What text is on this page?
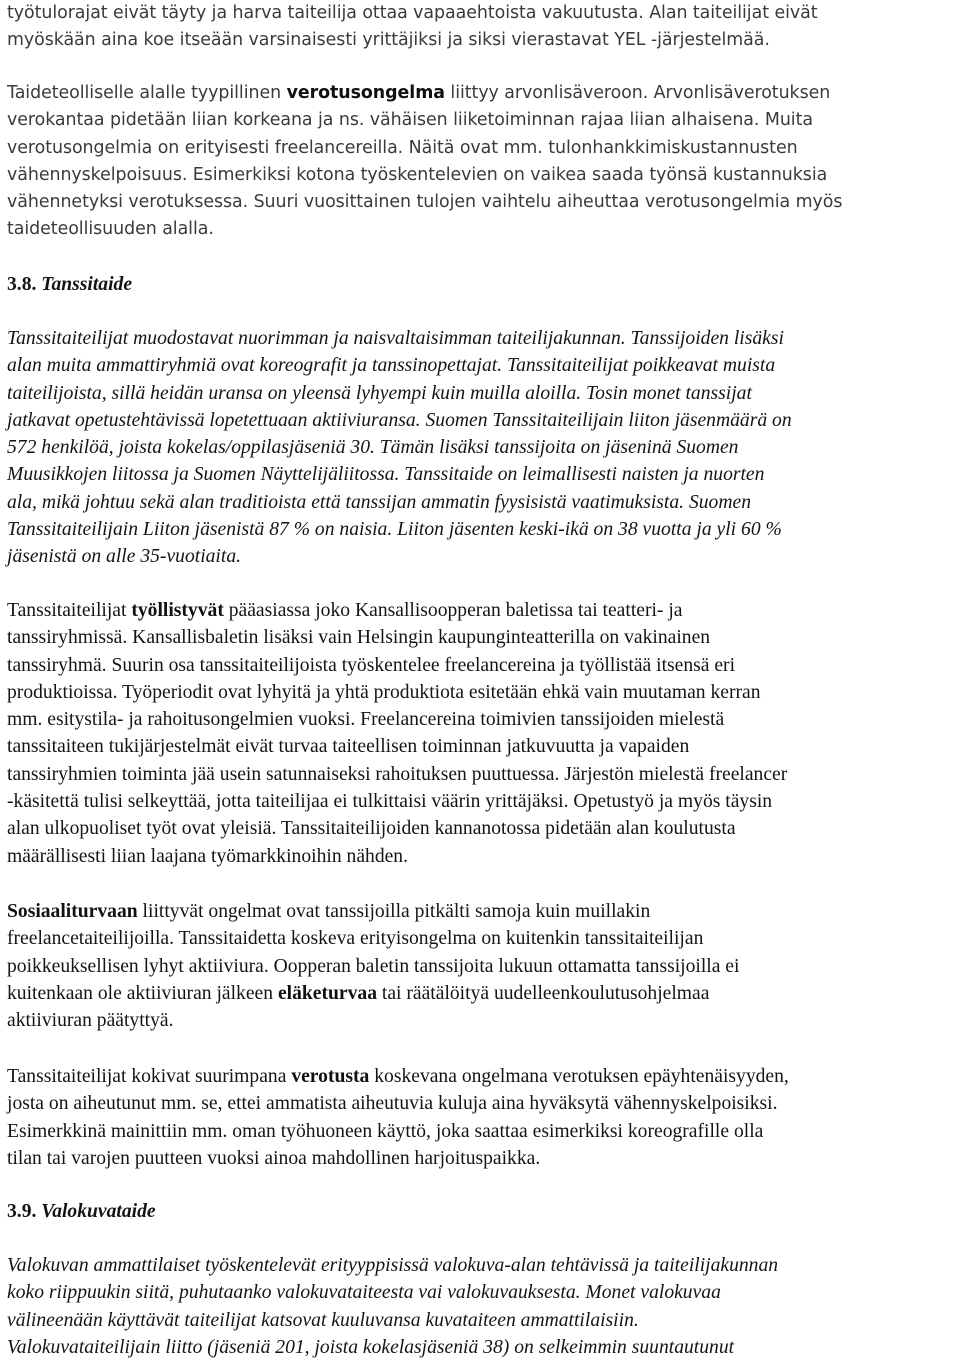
työtulorajat eivät täyty ja harva taiteilija ottaa vapaaehtoista vakuutusta. Alan taiteilijat eivät
myöskään aina koe itseään varsinaisesti yrittäjiksi ja siksi vierastavat YEL -järjestelmää.
Taideteolliselle alalle tyypillinen verotusongelma liittyy arvonlisäveroon. Arvonlisäverotuksen
verokantaa pidetään liian korkeana ja ns. vähäisen liiketoiminnan rajaa liian alhaisena. Muita
verotusongelmia on erityisesti freelancereilla. Näitä ovat mm. tulonhankkimiskustannusten
vähennyskelpoisuus. Esimerkiksi kotona työskentelevien on vaikea saada työnsä kustannuksia
vähennetyksi verotuksessa. Suuri vuosittainen tulojen vaihtelu aiheuttaa verotusongelmia myös
taideteollisuuden alalla.
3.8. Tanssitaide
Tanssitaiteilijat muodostavat nuorimman ja naisvaltaisimman taiteilijakunnan. Tanssijoiden lisäksi
alan muita ammattiryhmiä ovat koreografit ja tanssinopettajat. Tanssitaiteilijat poikkeavat muista
taiteilijoista, sillä heidän uransa on yleensä lyhyempi kuin muilla aloilla. Tosin monet tanssijat
jatkavat opetustehtävissä lopetettuaan aktiiviuransa. Suomen Tanssitaiteilijain liiton jäsenmäärä on
572 henkilöä, joista kokelas/oppilasjäseniä 30. Tämän lisäksi tanssijoita on jäseninä Suomen
Muusikkojen liitossa ja Suomen Näyttelijäliitossa. Tanssitaide on leimallisesti naisten ja nuorten
ala, mikä johtuu sekä alan traditioista että tanssijan ammatin fyysisistä vaatimuksista. Suomen
Tanssitaiteilijain Liiton jäsenistä 87 % on naisia. Liiton jäsenten keski-ikä on 38 vuotta ja yli 60 %
jäsenistä on alle 35-vuotiaita.
Tanssitaiteilijat työllistyvät pääasiassa joko Kansallisoopperan baletissa tai teatteri- ja
tanssiryhmissä. Kansallisbaletin lisäksi vain Helsingin kaupunginteatterilla on vakinainen
tanssiryhmä. Suurin osa tanssitaiteilijoista työskentelee freelancereina ja työllistää itsensä eri
produktioissa. Työperiodit ovat lyhyitä ja yhtä produktiota esitetään ehkä vain muutaman kerran
mm. esitystila- ja rahoitusongelmien vuoksi. Freelancereina toimivien tanssijoiden mielestä
tanssitaiteen tukijärjestelmät eivät turvaa taiteellisen toiminnan jatkuvuutta ja vapaiden
tanssiryhmien toiminta jää usein satunnaiseksi rahoituksen puuttuessa. Järjestön mielestä freelancer
-käsitettä tulisi selkeyttää, jotta taiteilijaa ei tulkittaisi väärin yrittäjäksi. Opetustyö ja myös täysin
alan ulkopuoliset työt ovat yleisiä. Tanssitaiteilijoiden kannanotossa pidetään alan koulutusta
määrällisesti liian laajana työmarkkinoihin nähden.
Sosiaaliturvaan liittyvät ongelmat ovat tanssijoilla pitkälti samoja kuin muillakin
freelancetaiteilijoilla. Tanssitaidetta koskeva erityisongelma on kuitenkin tanssitaiteilijan
poikkeuksellisen lyhyt aktiiviura. Oopperan baletin tanssijoita lukuun ottamatta tanssijoilla ei
kuitenkaan ole aktiiviuran jälkeen eläketurvaa tai räätälöityä uudelleenkoulutusohjelmaa
aktiiviuran päätyttyä.
Tanssitaiteilijat kokivat suurimpana verotusta koskevana ongelmana verotuksen epäyhtenäisyyden,
josta on aiheutunut mm. se, ettei ammatista aiheutuvia kuluja aina hyväksytä vähennyskelpoisiksi.
Esimerkkinä mainittiin mm. oman työhuoneen käyttö, joka saattaa esimerkiksi koreografille olla
tilan tai varojen puutteen vuoksi ainoa mahdollinen harjoituspaikka.
3.9. Valokuvataide
Valokuvan ammattilaiset työskentelevät erityyppisissä valokuva-alan tehtävissä ja taiteilijakunnan
koko riippuukin siitä, puhutaanko valokuvataiteesta vai valokuvauksesta. Monet valokuvaa
välineenään käyttävät taiteilijat katsovat kuuluvansa kuvataiteen ammattilaisiin.
Valokuvataiteilijain liitto (jäseniä 201, joista kokelasjäseniä 38) on selkeimmin suuntautunut
